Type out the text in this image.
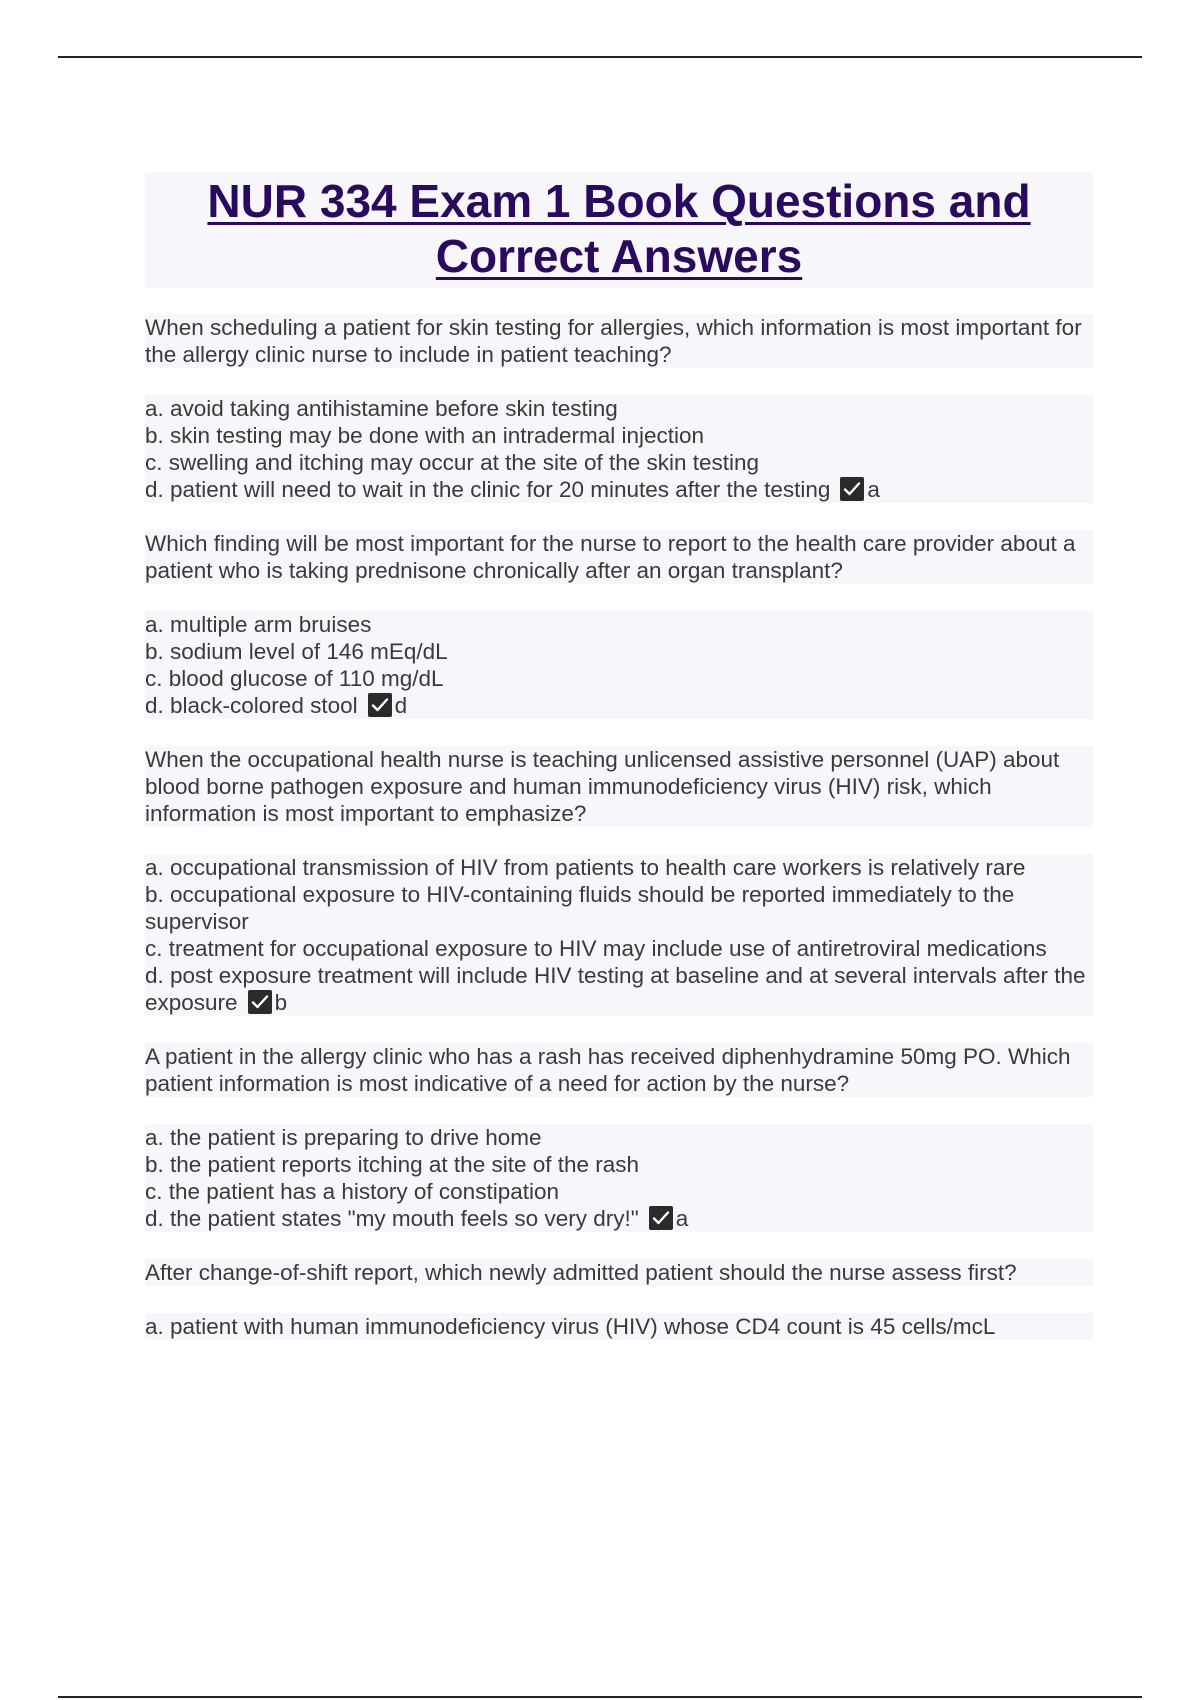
NUR 334 Exam 1 Book Questions and Correct Answers
When scheduling a patient for skin testing for allergies, which information is most important for the allergy clinic nurse to include in patient teaching?
a. avoid taking antihistamine before skin testing
b. skin testing may be done with an intradermal injection
c. swelling and itching may occur at the site of the skin testing
d. patient will need to wait in the clinic for 20 minutes after the testing a
Which finding will be most important for the nurse to report to the health care provider about a patient who is taking prednisone chronically after an organ transplant?
a. multiple arm bruises
b. sodium level of 146 mEq/dL
c. blood glucose of 110 mg/dL
d. black-colored stool d
When the occupational health nurse is teaching unlicensed assistive personnel (UAP) about blood borne pathogen exposure and human immunodeficiency virus (HIV) risk, which information is most important to emphasize?
a. occupational transmission of HIV from patients to health care workers is relatively rare
b. occupational exposure to HIV-containing fluids should be reported immediately to the supervisor
c. treatment for occupational exposure to HIV may include use of antiretroviral medications
d. post exposure treatment will include HIV testing at baseline and at several intervals after the exposure b
A patient in the allergy clinic who has a rash has received diphenhydramine 50mg PO. Which patient information is most indicative of a need for action by the nurse?
a. the patient is preparing to drive home
b. the patient reports itching at the site of the rash
c. the patient has a history of constipation
d. the patient states "my mouth feels so very dry!" a
After change-of-shift report, which newly admitted patient should the nurse assess first?
a. patient with human immunodeficiency virus (HIV) whose CD4 count is 45 cells/mcL
